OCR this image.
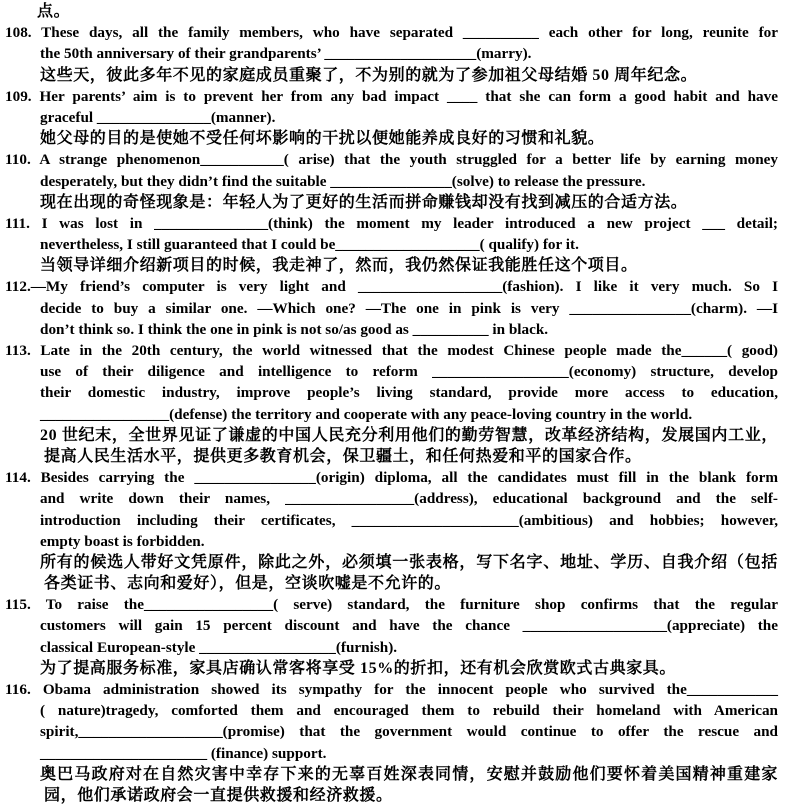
点。
108. These days, all the family members, who have separated __________ each other for long, reunite for
the 50th anniversary of their grandparents’ ____________________(marry).
这些天，彼此多年不见的家庭成员重聚了，不为别的就为了参加祖父母结婚 50 周年纪念。
109. Her parents’ aim is to prevent her from any bad impact ____ that she can form a good habit and have
graceful _______________(manner).
她父母的目的是使她不受任何坏影响的干扰以便她能养成良好的习惯和礼貌。
110. A strange phenomenon___________( arise) that the youth struggled for a better life by earning money
desperately, but they didn’t find the suitable ________________(solve) to release the pressure.
现在出现的奇怪现象是：年轻人为了更好的生活而拼命赚钱却没有找到减压的合适方法。
111. I was lost in _______________(think) the moment my leader introduced a new project ___ detail;
nevertheless, I still guaranteed that I could be___________________( qualify) for it.
当领导详细介绍新项目的时候，我走神了，然而，我仍然保证我能胜任这个项目。
112.—My friend’s computer is very light and ___________________(fashion). I like it very much. So I
decide to buy a similar one. —Which one? —The one in pink is very ________________(charm). —I
don’t think so. I think the one in pink is not so/as good as __________ in black.
113. Late in the 20th century, the world witnessed that the modest Chinese people made the______( good)
use of their diligence and intelligence to reform __________________(economy) structure, develop
their domestic industry, improve people’s living standard, provide more access to education,
_________________(defense) the territory and cooperate with any peace-loving country in the world.
20 世纪末，全世界见证了谦虚的中国人民充分利用他们的勤劳智慧，改革经济结构，发展国内工业，
提高人民生活水平，提供更多教育机会，保卫疆土，和任何热爱和平的国家合作。
114. Besides carrying the ________________(origin) diploma, all the candidates must fill in the blank form
and write down their names, _________________(address), educational background and the self-
introduction including their certificates, ______________________(ambitious) and hobbies; however,
empty boast is forbidden.
所有的候选人带好文凭原件，除此之外，必须填一张表格，写下名字、地址、学历、自我介绍（包括
各类证书、志向和爱好），但是，空谈吹嘘是不允许的。
115. To raise the_________________( serve) standard, the furniture shop confirms that the regular
customers will gain 15 percent discount and have the chance ___________________(appreciate) the
classical European-style __________________(furnish).
为了提高服务标准，家具店确认常客将享受 15%的折扣，还有机会欣赏欧式古典家具。
116. Obama administration showed its sympathy for the innocent people who survived the____________
( nature)tragedy, comforted them and encouraged them to rebuild their homeland with American
spirit,___________________(promise) that the government would continue to offer the rescue and
______________________ (finance) support.
奥巴马政府对在自然灾害中幸存下来的无辜百姓深表同情，安慰并鼓励他们要怀着美国精神重建家
园，他们承诺政府会一直提供救援和经济救援。
